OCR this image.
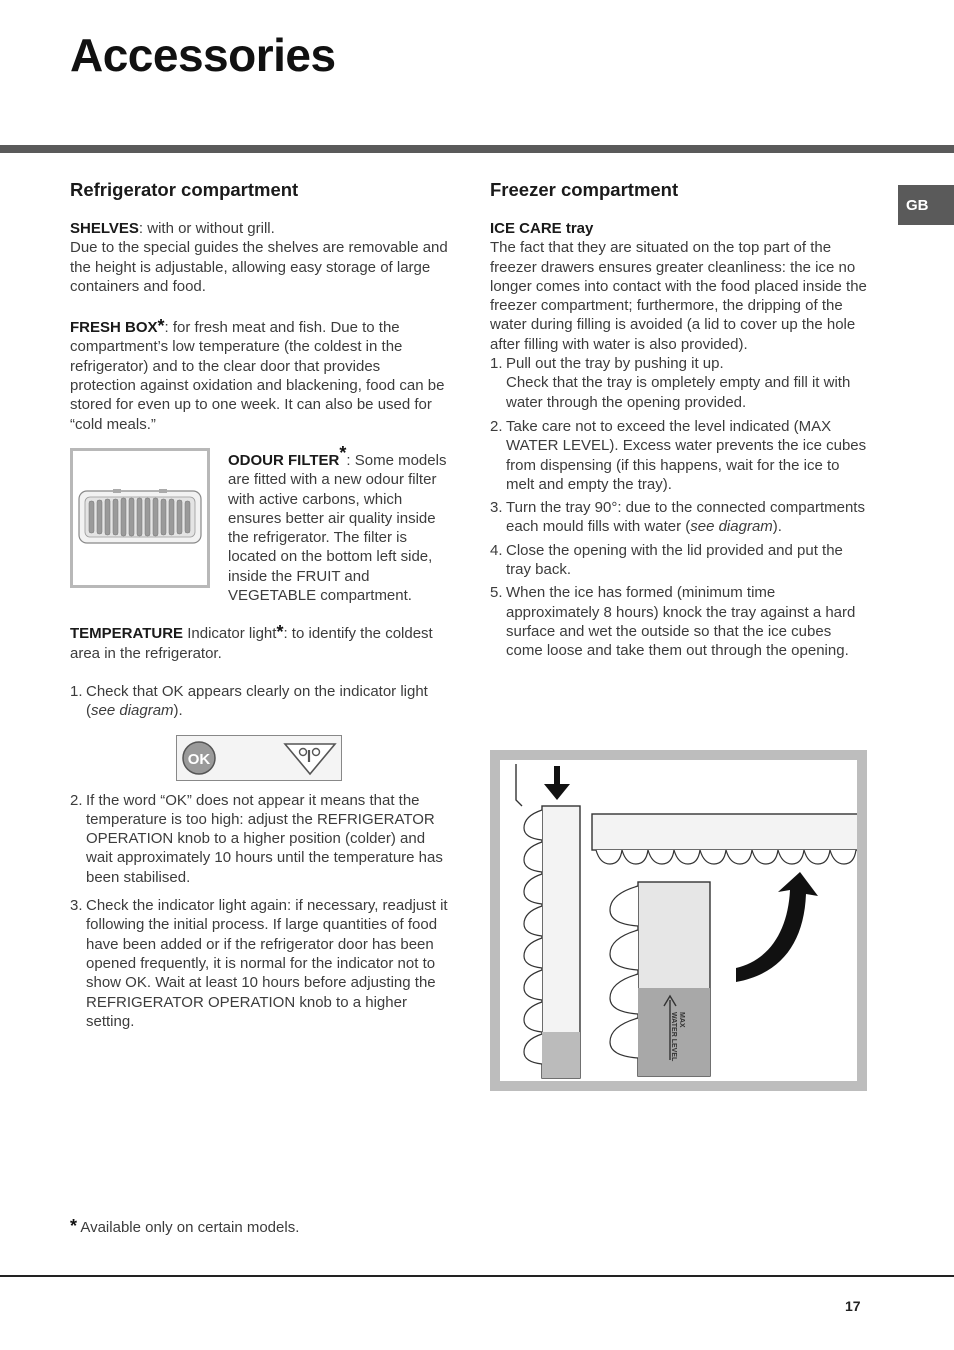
Accessories
GB
Refrigerator compartment

SHELVES: with or without grill.
Due to the special guides the shelves are removable and the height is adjustable, allowing easy storage of large containers and food.

FRESH BOX*: for fresh meat and fish. Due to the compartment’s low temperature (the coldest in the refrigerator) and to the clear door that provides protection against oxidation and blackening, food can be stored for even up to one week. It can also be used for “cold meals.”

ODOUR FILTER*: Some models are fitted with a new odour filter with active carbons, which ensures better air quality inside the refrigerator. The filter is located on the bottom left side, inside the FRUIT and VEGETABLE compartment.

TEMPERATURE Indicator light*: to identify the coldest area in the refrigerator.

1. Check that OK appears clearly on the indicator light (see diagram).
OK
2. If the word “OK” does not appear it means that the temperature is too high: adjust the REFRIGERATOR OPERATION knob to a higher position (colder) and wait approximately 10 hours until the temperature has been stabilised.
3. Check the indicator light again: if necessary, readjust it following the initial process. If large quantities of food have been added or if the refrigerator door has been opened frequently, it is normal for the indicator not to show OK. Wait at least 10 hours before adjusting the REFRIGERATOR OPERATION knob to a higher setting.
Freezer compartment

ICE CARE tray
The fact that they are situated on the top part of the freezer drawers ensures greater cleanliness: the ice no longer comes into contact with the food placed inside the freezer compartment; furthermore, the dripping of the water during filling is avoided (a lid to cover up the hole after filling with water is also provided).

1. Pull out the tray by pushing it up.
Check that the tray is ompletely empty and fill it with water through the opening provided.
2. Take care not to exceed the level indicated (MAX WATER LEVEL). Excess water prevents the ice cubes from dispensing (if this happens, wait for the ice to melt and empty the tray).
3. Turn the tray 90°: due to the connected compartments each mould fills with water (see diagram).
4. Close the opening with the lid provided and put the tray back.
5. When the ice has formed (minimum time approximately 8 hours) knock the tray against a hard surface and wet the outside so that the ice cubes come loose and take them out through the opening.
MAX
WATER LEVEL
* Available only on certain models.
17
